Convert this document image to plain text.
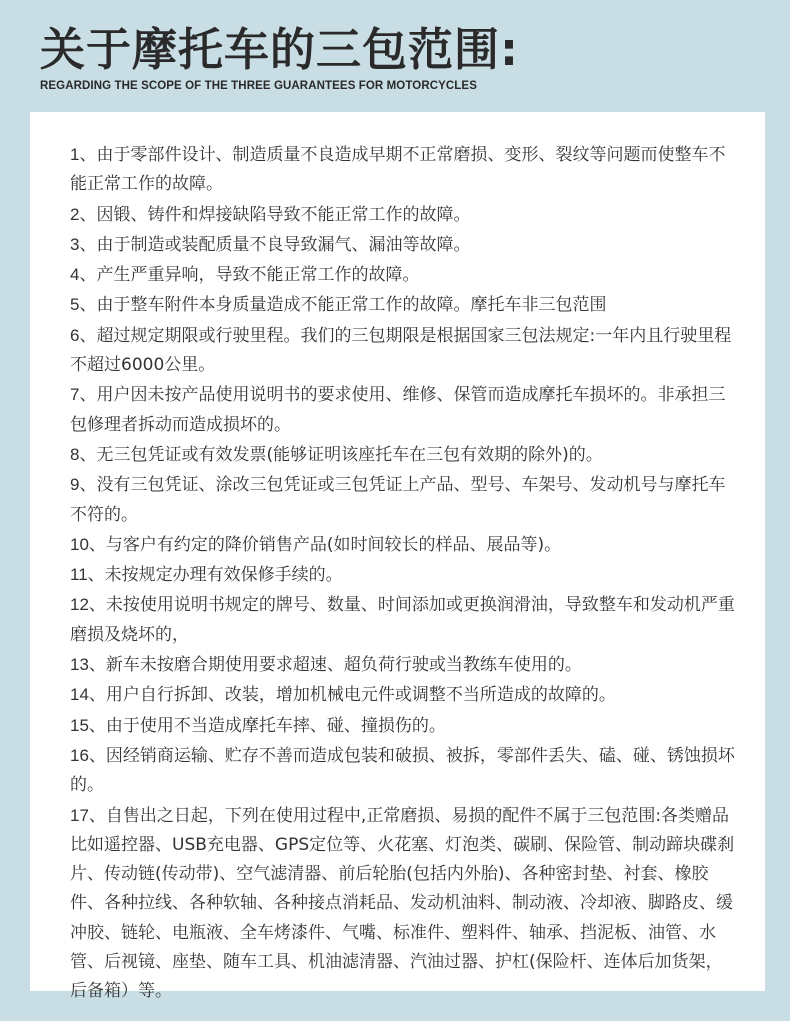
关于摩托车的三包范围:
REGARDING THE SCOPE OF THE THREE GUARANTEES FOR MOTORCYCLES
1、由于零部件设计、制造质量不良造成早期不正常磨损、变形、裂纹等问题而使整车不能正常工作的故障。
2、因锻、铸件和焊接缺陷导致不能正常工作的故障。
3、由于制造或装配质量不良导致漏气、漏油等故障。
4、产生严重异响，导致不能正常工作的故障。
5、由于整车附件本身质量造成不能正常工作的故障。摩托车非三包范围
6、超过规定期限或行驶里程。我们的三包期限是根据国家三包法规定:一年内且行驶里程不超过6000公里。
7、用户因未按产品使用说明书的要求使用、维修、保管而造成摩托车损坏的。非承担三包修理者拆动而造成损坏的。
8、无三包凭证或有效发票(能够证明该座托车在三包有效期的除外)的。
9、没有三包凭证、涂改三包凭证或三包凭证上产品、型号、车架号、发动机号与摩托车不符的。
10、与客户有约定的降价销售产品(如时间较长的样品、展品等)。
11、未按规定办理有效保修手续的。
12、未按使用说明书规定的牌号、数量、时间添加或更换润滑油，导致整车和发动机严重磨损及烧坏的，
13、新车未按磨合期使用要求超速、超负荷行驶或当教练车使用的。
14、用户自行拆卸、改装，增加机械电元件或调整不当所造成的故障的。
15、由于使用不当造成摩托车摔、碰、撞损伤的。
16、因经销商运输、贮存不善而造成包装和破损、被拆，零部件丢失、磕、碰、锈蚀损坏的。
17、自售出之日起，下列在使用过程中,正常磨损、易损的配件不属于三包范围:各类赠品比如遥控器、USB充电器、GPS定位等、火花塞、灯泡类、碳刷、保险管、制动蹄块碟刹片、传动链(传动带)、空气滤清器、前后轮胎(包括内外胎)、各种密封垫、衬套、橡胶件、各种拉线、各种软轴、各种接点消耗品、发动机油料、制动液、冷却液、脚路皮、缓冲胶、链轮、电瓶液、全车烤漆件、气嘴、标准件、塑料件、轴承、挡泥板、油管、水管、后视镜、座垫、随车工具、机油滤清器、汽油过器、护杠(保险杆、连体后加货架，后备箱）等。
